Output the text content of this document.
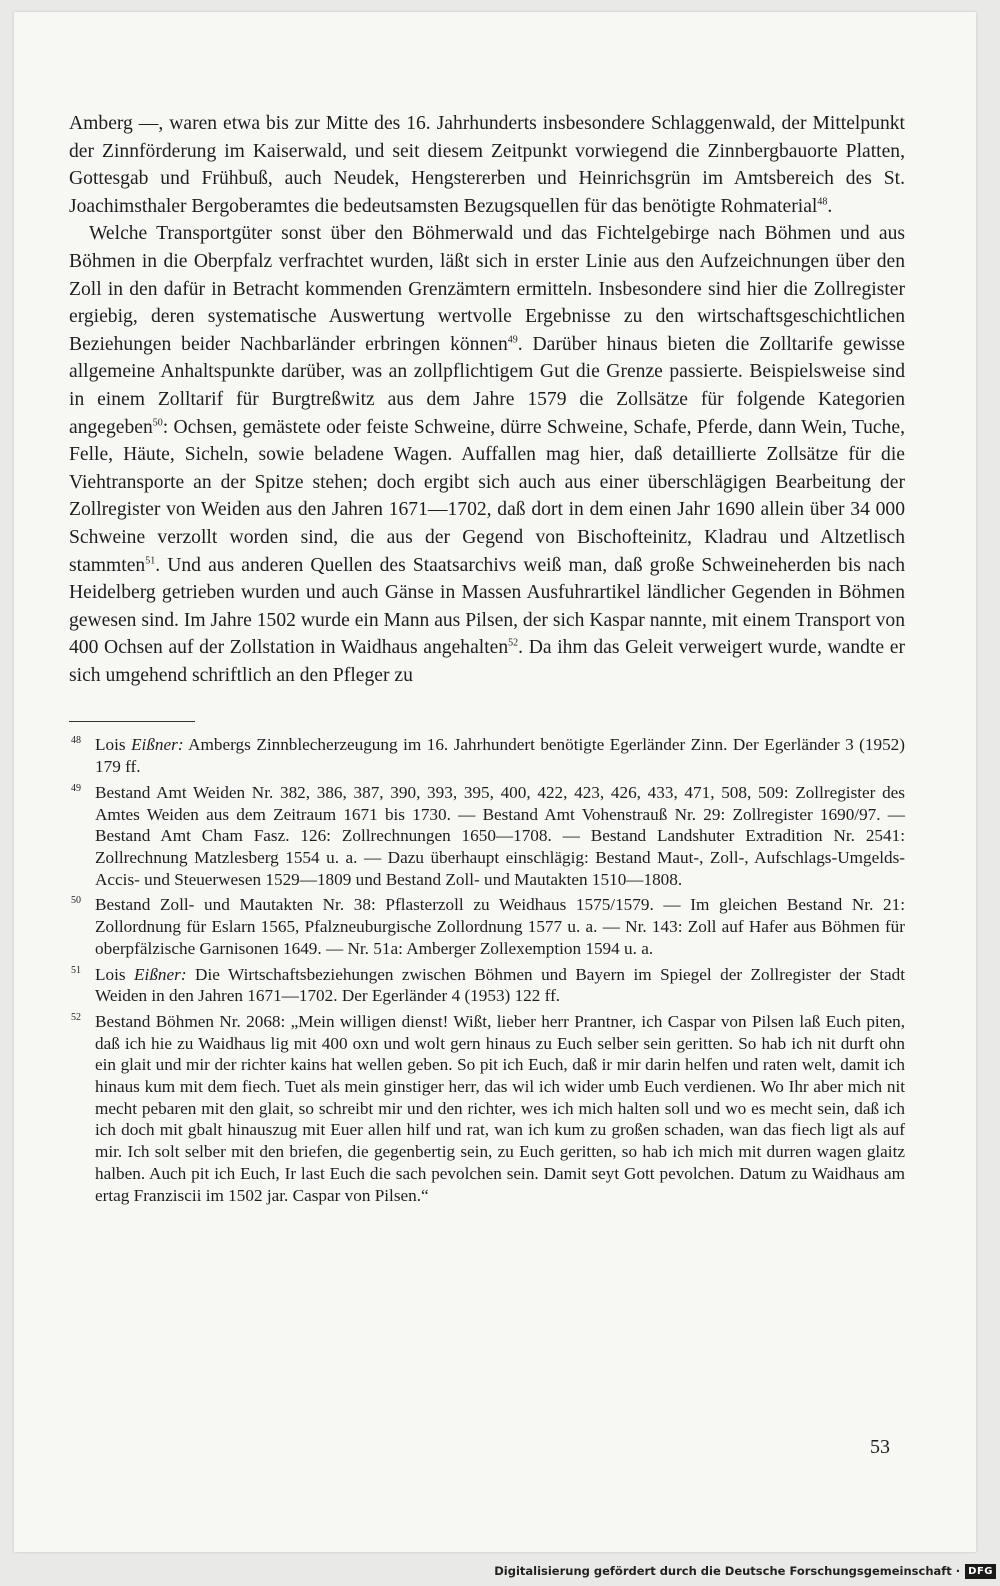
Amberg —, waren etwa bis zur Mitte des 16. Jahrhunderts insbesondere Schlaggenwald, der Mittelpunkt der Zinnförderung im Kaiserwald, und seit diesem Zeitpunkt vorwiegend die Zinnbergbauorte Platten, Gottesgab und Frühbuß, auch Neudek, Hengstererben und Heinrichsgrün im Amtsbereich des St. Joachimsthaler Bergoberamtes die bedeutsamsten Bezugsquellen für das benötigte Rohmaterial$^{48}$.

Welche Transportgüter sonst über den Böhmerwald und das Fichtelgebirge nach Böhmen und aus Böhmen in die Oberpfalz verfrachtet wurden, läßt sich in erster Linie aus den Aufzeichnungen über den Zoll in den dafür in Betracht kommenden Grenzämtern ermitteln. Insbesondere sind hier die Zollregister ergiebig, deren systematische Auswertung wertvolle Ergebnisse zu den wirtschaftsgeschichtlichen Beziehungen beider Nachbarländer erbringen können$^{49}$. Darüber hinaus bieten die Zolltarife gewisse allgemeine Anhaltspunkte darüber, was an zollpflichtigem Gut die Grenze passierte. Beispielsweise sind in einem Zolltarif für Burgtreßwitz aus dem Jahre 1579 die Zollsätze für folgende Kategorien angegeben$^{50}$: Ochsen, gemästete oder feiste Schweine, dürre Schweine, Schafe, Pferde, dann Wein, Tuche, Felle, Häute, Sicheln, sowie beladene Wagen. Auffallen mag hier, daß detaillierte Zollsätze für die Viehtransporte an der Spitze stehen; doch ergibt sich auch aus einer überschlägigen Bearbeitung der Zollregister von Weiden aus den Jahren 1671—1702, daß dort in dem einen Jahr 1690 allein über 34 000 Schweine verzollt worden sind, die aus der Gegend von Bischofteinitz, Kladrau und Altzetlisch stammten$^{51}$. Und aus anderen Quellen des Staatsarchivs weiß man, daß große Schweineherden bis nach Heidelberg getrieben wurden und auch Gänse in Massen Ausfuhrartikel ländlicher Gegenden in Böhmen gewesen sind. Im Jahre 1502 wurde ein Mann aus Pilsen, der sich Kaspar nannte, mit einem Transport von 400 Ochsen auf der Zollstation in Waidhaus angehalten$^{52}$. Da ihm das Geleit verweigert wurde, wandte er sich umgehend schriftlich an den Pfleger zu

48 Lois Eißner: Ambergs Zinnblecherzeugung im 16. Jahrhundert benötigte Egerländer Zinn. Der Egerländer 3 (1952) 179 ff.
49 Bestand Amt Weiden Nr. 382, 386, 387, 390, 393, 395, 400, 422, 423, 426, 433, 471, 508, 509: Zollregister des Amtes Weiden aus dem Zeitraum 1671 bis 1730. — Bestand Amt Vohenstrauß Nr. 29: Zollregister 1690/97. — Bestand Amt Cham Fasz. 126: Zollrechnungen 1650—1708. — Bestand Landshuter Extradition Nr. 2541: Zollrechnung Matzlesberg 1554 u. a. — Dazu überhaupt einschlägig: Bestand Maut-, Zoll-, Aufschlags-Umgelds-Accis- und Steuerwesen 1529—1809 und Bestand Zoll- und Mautakten 1510—1808.
50 Bestand Zoll- und Mautakten Nr. 38: Pflasterzoll zu Weidhaus 1575/1579. — Im gleichen Bestand Nr. 21: Zollordnung für Eslarn 1565, Pfalzneuburgische Zollordnung 1577 u. a. — Nr. 143: Zoll auf Hafer aus Böhmen für oberpfälzische Garnisonen 1649. — Nr. 51a: Amberger Zollexemption 1594 u. a.
51 Lois Eißner: Die Wirtschaftsbeziehungen zwischen Böhmen und Bayern im Spiegel der Zollregister der Stadt Weiden in den Jahren 1671—1702. Der Egerländer 4 (1953) 122 ff.
52 Bestand Böhmen Nr. 2068: „Mein willigen dienst! Wißt, lieber herr Prantner, ich Caspar von Pilsen laß Euch piten, daß ich hie zu Waidhaus lig mit 400 oxn und wolt gern hinaus zu Euch selber sein geritten. So hab ich nit durft ohn ein glait und mir der richter kains hat wellen geben. So pit ich Euch, daß ir mir darin helfen und raten welt, damit ich hinaus kum mit dem fiech. Tuet als mein ginstiger herr, das wil ich wider umb Euch verdienen. Wo Ihr aber mich nit mecht pebaren mit den glait, so schreibt mir und den richter, wes ich mich halten soll und wo es mecht sein, daß ich ich doch mit gbalt hinauszug mit Euer allen hilf und rat, wan ich kum zu großen schaden, wan das fiech ligt als auf mir. Ich solt selber mit den briefen, die gegenbertig sein, zu Euch geritten, so hab ich mich mit durren wagen glaitz halben. Auch pit ich Euch, Ir last Euch die sach pevolchen sein. Damit seyt Gott pevolchen. Datum zu Waidhaus am ertag Franziscii im 1502 jar. Caspar von Pilsen.“
53
Digitalisierung gefördert durch die Deutsche Forschungsgemeinschaft · DFG
